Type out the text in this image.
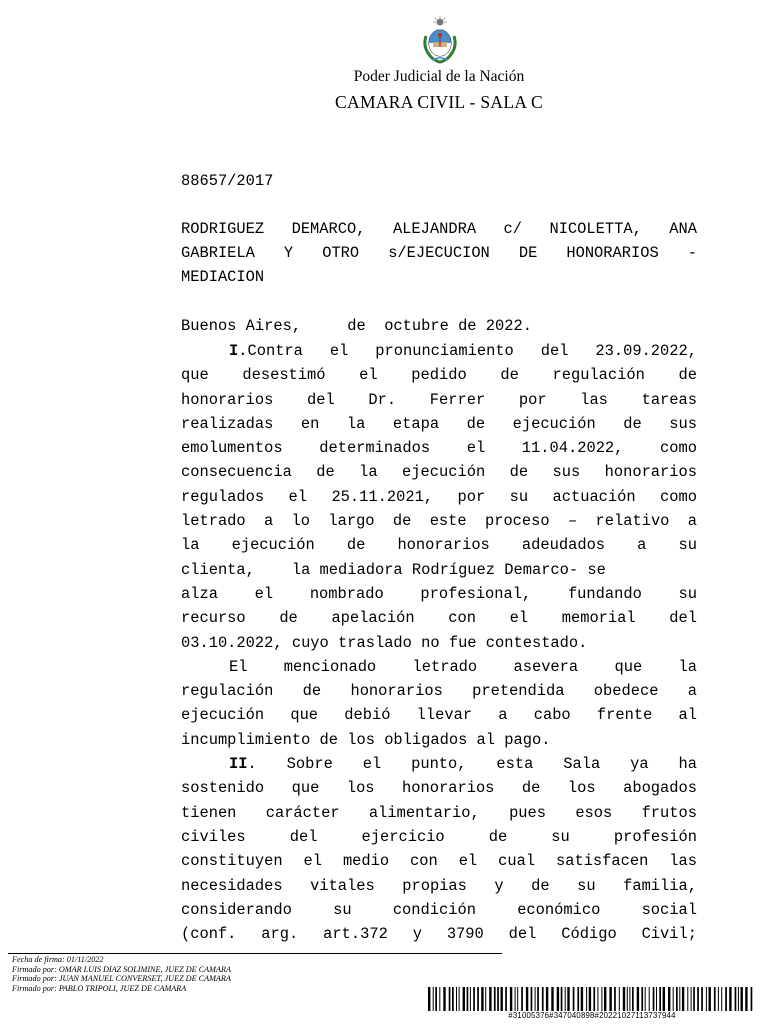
Poder Judicial de la Nación
CAMARA CIVIL - SALA C
88657/2017
RODRIGUEZ DEMARCO, ALEJANDRA c/ NICOLETTA, ANA
GABRIELA Y OTRO s/EJECUCION DE HONORARIOS -
MEDIACION
Buenos Aires,     de  octubre de 2022.
I.Contra el pronunciamiento del 23.09.2022,
que desestimó el pedido de regulación de
honorarios del Dr. Ferrer por las tareas
realizadas en la etapa de ejecución de sus
emolumentos determinados el 11.04.2022, como
consecuencia de la ejecución de sus honorarios
regulados el 25.11.2021, por su actuación como
letrado a lo largo de este proceso – relativo a
la ejecución de honorarios adeudados a su
clienta,    la mediadora Rodríguez Demarco- se
alza el nombrado profesional, fundando su
recurso de apelación con el memorial del
03.10.2022, cuyo traslado no fue contestado.
El mencionado letrado asevera que la
regulación de honorarios pretendida obedece a
ejecución que debió llevar a cabo frente al
incumplimiento de los obligados al pago.
II. Sobre el punto, esta Sala ya ha
sostenido que los honorarios de los abogados
tienen carácter alimentario, pues esos frutos
civiles del ejercicio de su profesión
constituyen el medio con el cual satisfacen las
necesidades vitales propias y de su familia,
considerando su condición económico social
(conf. arg. art.372 y 3790 del Código Civil;
Fecha de firma: 01/11/2022
Firmado por: OMAR LUIS DIAZ SOLIMINE, JUEZ DE CAMARA
Firmado por: JUAN MANUEL CONVERSET, JUEZ DE CAMARA
Firmado por: PABLO TRIPOLI, JUEZ DE CAMARA
#31005376#347040898#20221027113737944
